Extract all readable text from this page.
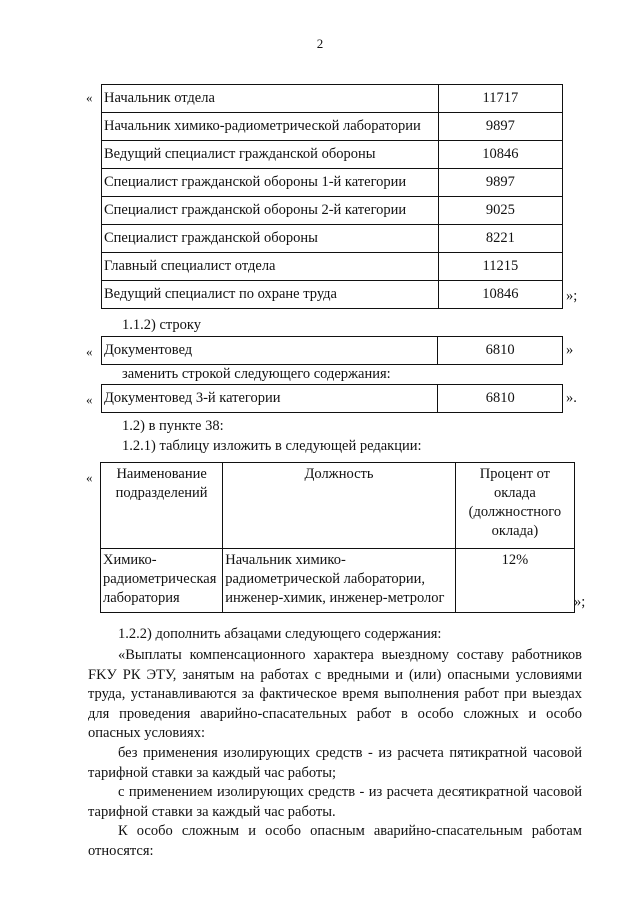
2
« Начальник отдела	11717
Начальник химико-радиометрической лаборатории	9897
Ведущий специалист гражданской обороны	10846
Специалист гражданской обороны 1-й категории	9897
Специалист гражданской обороны 2-й категории	9025
Специалист гражданской обороны	8221
Главный специалист отдела	11215
Ведущий специалист по охране труда	10846	»;
1.1.2) строку
« Документовед	6810	»
заменить строкой следующего содержания:
« Документовед 3-й категории	6810	».
1.2) в пункте 38:
1.2.1) таблицу изложить в следующей редакции:
« Наименование подразделений	Должность	Процент от оклада (должностного оклада)
Химико-радиометрическая лаборатория	Начальник химико-радиометрической лаборатории, инженер-химик, инженер-метролог	12%
»;
1.2.2) дополнить абзацами следующего содержания:
«Выплаты компенсационного характера выездному составу работников FKУ РК ЭТУ, занятым на работах с вредными и (или) опасными условиями труда, устанавливаются за фактическое время выполнения работ при выездах для проведения аварийно-спасательных работ в особо сложных и особо опасных условиях:
без применения изолирующих средств - из расчета пятикратной часовой тарифной ставки за каждый час работы;
с применением изолирующих средств - из расчета десятикратной часовой тарифной ставки за каждый час работы.
К особо сложным и особо опасным аварийно-спасательным работам относятся:
